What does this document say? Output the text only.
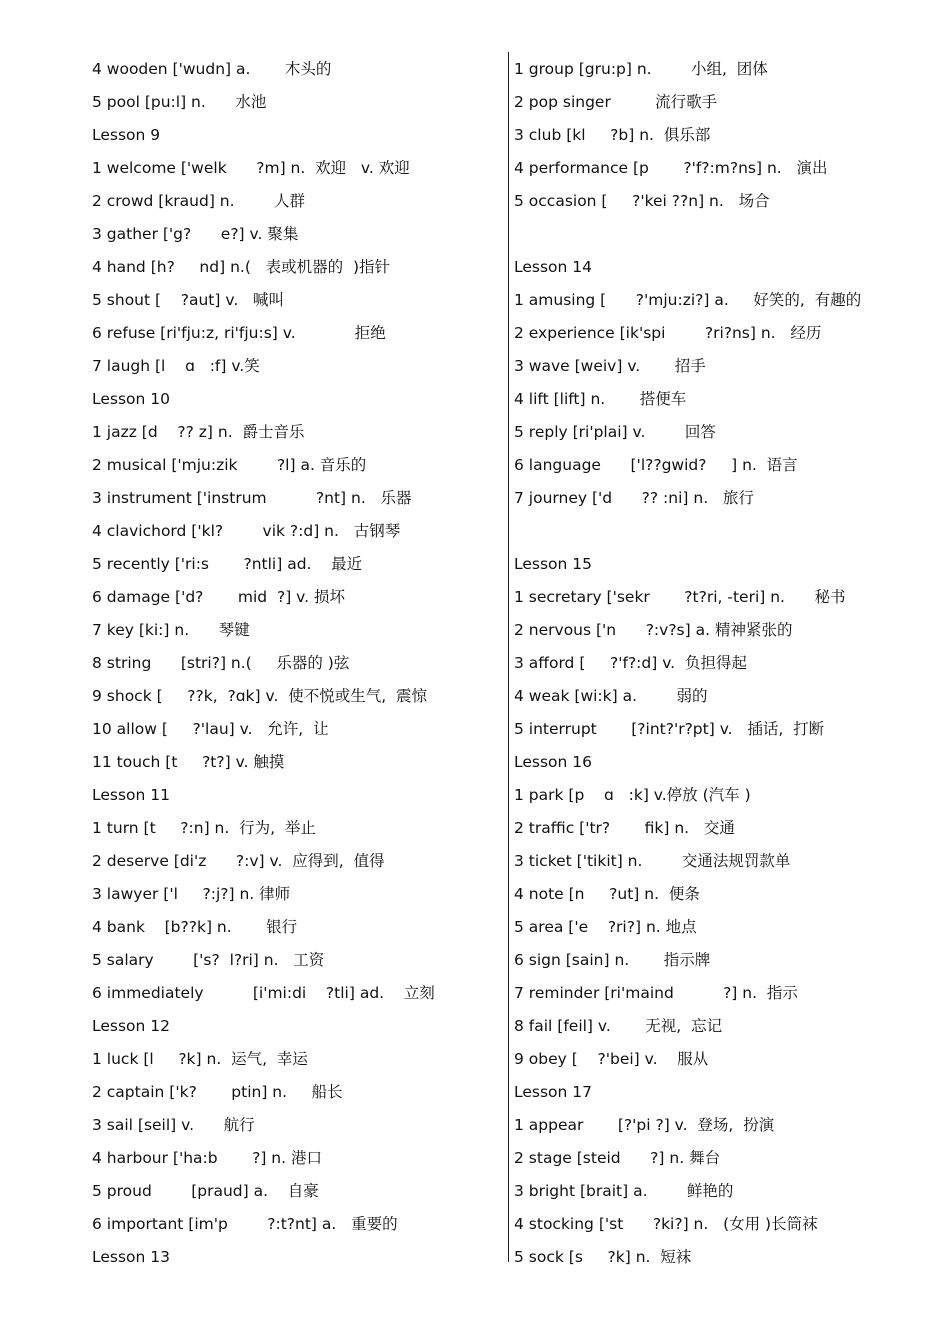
4 wooden ['wudn] a.       木头的
5 pool [pu:l] n.      水池
Lesson 9
1 welcome ['welk      ?m] n.  欢迎   v. 欢迎
2 crowd [kraud] n.        人群
3 gather ['g?      e?] v. 聚集
4 hand [h?     nd] n.(   表或机器的  )指针
5 shout [    ?aut] v.   喊叫
6 refuse [ri'fju:z, ri'fju:s] v.            拒绝
7 laugh [l    ɑ   :f] v.笑
Lesson 10
1 jazz [d    ?? z] n.  爵士音乐
2 musical ['mju:zik        ?l] a. 音乐的
3 instrument ['instrum          ?nt] n.   乐器
4 clavichord ['kl?        vik ?:d] n.   古钢琴
5 recently ['ri:s       ?ntli] ad.    最近
6 damage ['d?       mid  ?] v. 损坏
7 key [ki:] n.      琴键
8 string      [stri?] n.(     乐器的 )弦
9 shock [     ??k,  ?ɑk] v.  使不悦或生气,  震惊
10 allow [     ?'lau] v.   允许,  让
11 touch [t     ?t?] v. 触摸
Lesson 11
1 turn [t     ?:n] n.  行为,  举止
2 deserve [di'z      ?:v] v.  应得到,  值得
3 lawyer ['l     ?:j?] n. 律师
4 bank    [b??k] n.       银行
5 salary        ['s?  l?ri] n.   工资
6 immediately          [i'mi:di    ?tli] ad.    立刻
Lesson 12
1 luck [l     ?k] n.  运气,  幸运
2 captain ['k?       ptin] n.     船长
3 sail [seil] v.      航行
4 harbour ['ha:b       ?] n. 港口
5 proud        [praud] a.    自豪
6 important [im'p        ?:t?nt] a.   重要的
Lesson 13
1 group [gru:p] n.        小组,  团体
2 pop singer         流行歌手
3 club [kl     ?b] n.  俱乐部
4 performance [p       ?'f?:m?ns] n.   演出
5 occasion [     ?'kei ??n] n.   场合
Lesson 14
1 amusing [      ?'mju:zi?] a.     好笑的,  有趣的
2 experience [ik'spi        ?ri?ns] n.   经历
3 wave [weiv] v.       招手
4 lift [lift] n.       搭便车
5 reply [ri'plai] v.        回答
6 language      ['l??gwid?     ] n.  语言
7 journey ['d      ?? :ni] n.   旅行
Lesson 15
1 secretary ['sekr       ?t?ri, -teri] n.      秘书
2 nervous ['n      ?:v?s] a. 精神紧张的
3 afford [     ?'f?:d] v.  负担得起
4 weak [wi:k] a.        弱的
5 interrupt       [?int?'r?pt] v.   插话,  打断
Lesson 16
1 park [p    ɑ   :k] v.停放 (汽车 )
2 traffic ['tr?       fik] n.   交通
3 ticket ['tikit] n.        交通法规罚款单
4 note [n     ?ut] n.  便条
5 area ['e    ?ri?] n. 地点
6 sign [sain] n.       指示牌
7 reminder [ri'maind          ?] n.  指示
8 fail [feil] v.       无视,  忘记
9 obey [    ?'bei] v.    服从
Lesson 17
1 appear       [?'pi ?] v.  登场,  扮演
2 stage [steid      ?] n. 舞台
3 bright [brait] a.        鲜艳的
4 stocking ['st      ?ki?] n.   (女用 )长筒袜
5 sock [s     ?k] n.  短袜
